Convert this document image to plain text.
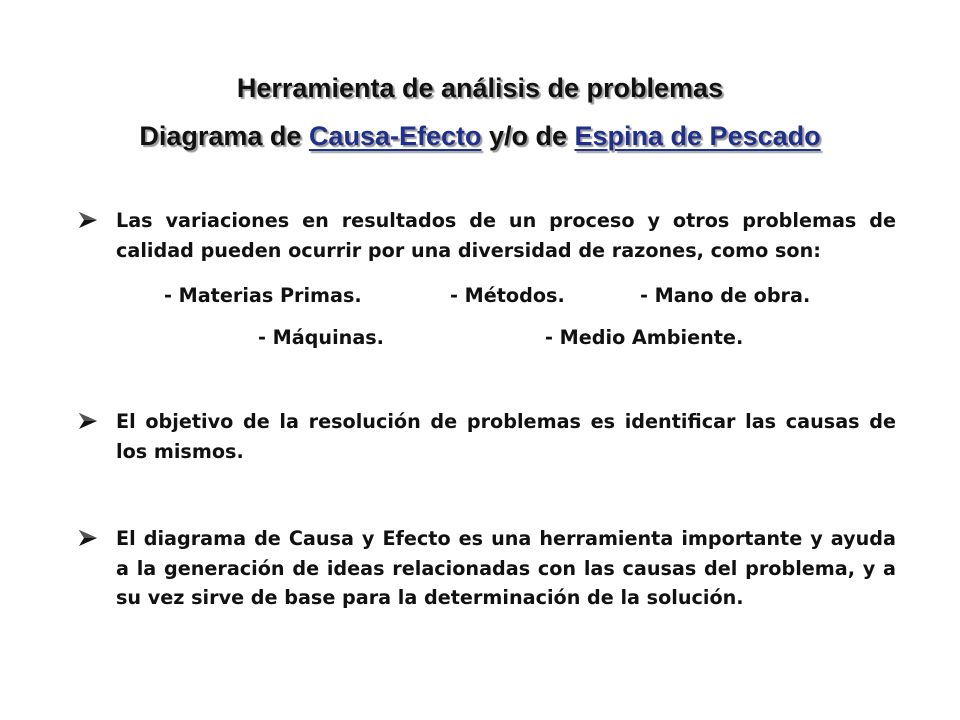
Herramienta de análisis de problemas
Diagrama de Causa-Efecto y/o de Espina de Pescado
Las variaciones en resultados de un proceso y otros problemas de calidad pueden ocurrir por una diversidad de razones, como son:
- Materias Primas.	- Métodos.	- Mano de obra.
- Máquinas.	- Medio Ambiente.
El objetivo de la resolución de problemas es identificar las causas de los mismos.
El diagrama de Causa y Efecto es una herramienta importante y ayuda a la generación de ideas relacionadas con las causas del problema, y a su vez sirve de base para la determinación de la solución.
